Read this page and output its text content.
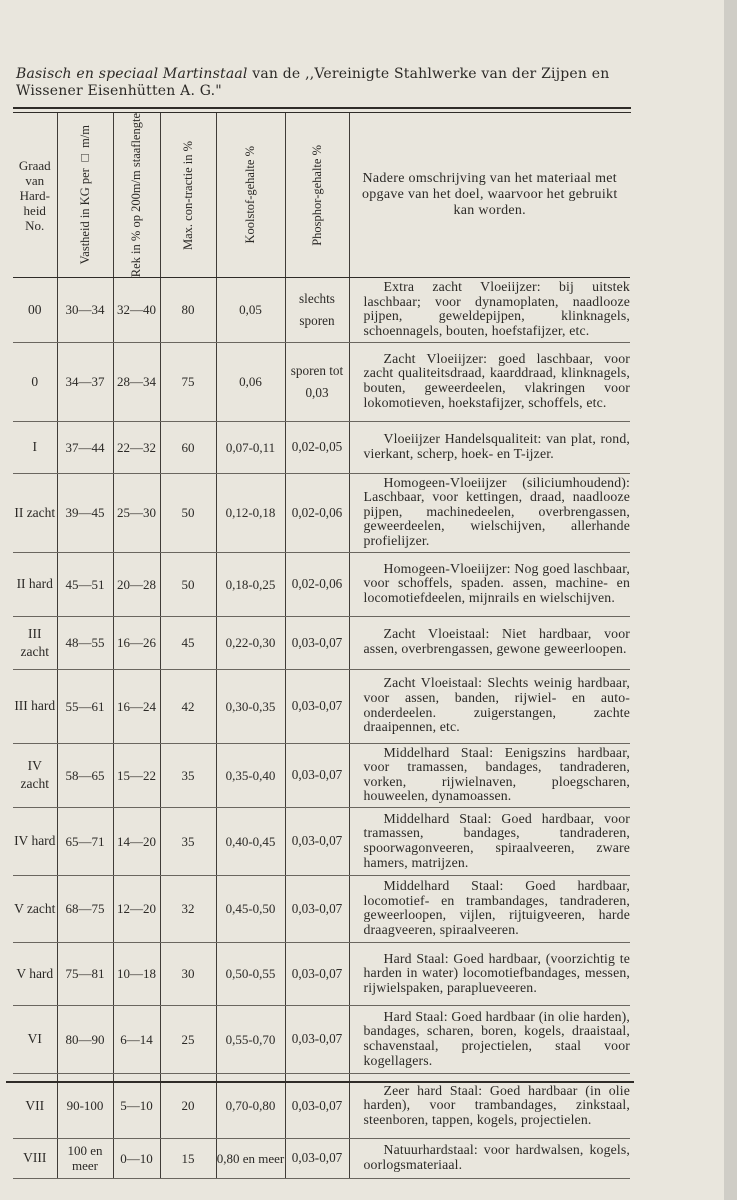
Basisch en speciaal Martinstaal van de ,,Vereinigte Stahlwerke van der Zijpen en Wissener Eisenhütten A. G."
Graad van Hard-heid No.	Vastheid in KG per □ m/m	Rek in % op 200m/m staaflengte	Max. con-tractie in %	Koolstof-gehalte %	Phosphor-gehalte %	Nadere omschrijving van het materiaal met opgave van het doel, waarvoor het gebruikt kan worden.

00	30—34	32—40	80	0,05	slechts sporen	Extra zacht Vloeiijzer: bij uitstek laschbaar; voor dynamoplaten, naadlooze pijpen, geweldepijpen, klinknagels, schoennagels, bouten, hoefstafijzer, etc.

0	34—37	28—34	75	0,06	sporen tot 0,03	Zacht Vloeiijzer: goed laschbaar, voor zacht qualiteitsdraad, kaarddraad, klinknagels, bouten, geweerdeelen, vlakringen voor lokomotieven, hoekstafijzer, schoffels, etc.

I	37—44	22—32	60	0,07-0,11	0,02-0,05	Vloeiijzer Handelsqualiteit: van plat, rond, vierkant, scherp, hoek- en T-ijzer.

II zacht	39—45	25—30	50	0,12-0,18	0,02-0,06	Homogeen-Vloeiijzer (siliciumhoudend): Laschbaar, voor kettingen, draad, naadlooze pijpen, machinedeelen, overbrengassen, geweerdeelen, wielschijven, allerhande profielijzer.

II hard	45—51	20—28	50	0,18-0,25	0,02-0,06	Homogeen-Vloeiijzer: Nog goed laschbaar, voor schoffels, spaden. assen, machine- en locomotiefdeelen, mijnrails en wielschijven.

III zacht	48—55	16—26	45	0,22-0,30	0,03-0,07	Zacht Vloeistaal: Niet hardbaar, voor assen, overbrengassen, gewone geweerloopen.

III hard	55—61	16—24	42	0,30-0,35	0,03-0,07	Zacht Vloeistaal: Slechts weinig hardbaar, voor assen, banden, rijwiel- en auto-onderdeelen. zuigerstangen, zachte draaipennen, etc.

IV zacht	58—65	15—22	35	0,35-0,40	0,03-0,07	Middelhard Staal: Eenigszins hardbaar, voor tramassen, bandages, tandraderen, vorken, rijwielnaven, ploegscharen, houweelen, dynamoassen.

IV hard	65—71	14—20	35	0,40-0,45	0,03-0,07	Middelhard Staal: Goed hardbaar, voor tramassen, bandages, tandraderen, spoorwagonveeren, spiraalveeren, zware hamers, matrijzen.

V zacht	68—75	12—20	32	0,45-0,50	0,03-0,07	Middelhard Staal: Goed hardbaar, locomotief- en trambandages, tandraderen, geweerloopen, vijlen, rijtuigveeren, harde draagveeren, spiraalveeren.

V hard	75—81	10—18	30	0,50-0,55	0,03-0,07	Hard Staal: Goed hardbaar, (voorzichtig te harden in water) locomotiefbandages, messen, rijwielspaken, paraplueveeren.

VI	80—90	6—14	25	0,55-0,70	0,03-0,07	Hard Staal: Goed hardbaar (in olie harden), bandages, scharen, boren, kogels, draaistaal, schavenstaal, projectielen, staal voor kogellagers.

VII	90-100	5—10	20	0,70-0,80	0,03-0,07	Zeer hard Staal: Goed hardbaar (in olie harden), voor trambandages, zinkstaal, steenboren, tappen, kogels, projectielen.

VIII	100 en meer	0—10	15	0,80 en meer	0,03-0,07	Natuurhardstaal: voor hardwalsen, kogels, oorlogsmateriaal.
